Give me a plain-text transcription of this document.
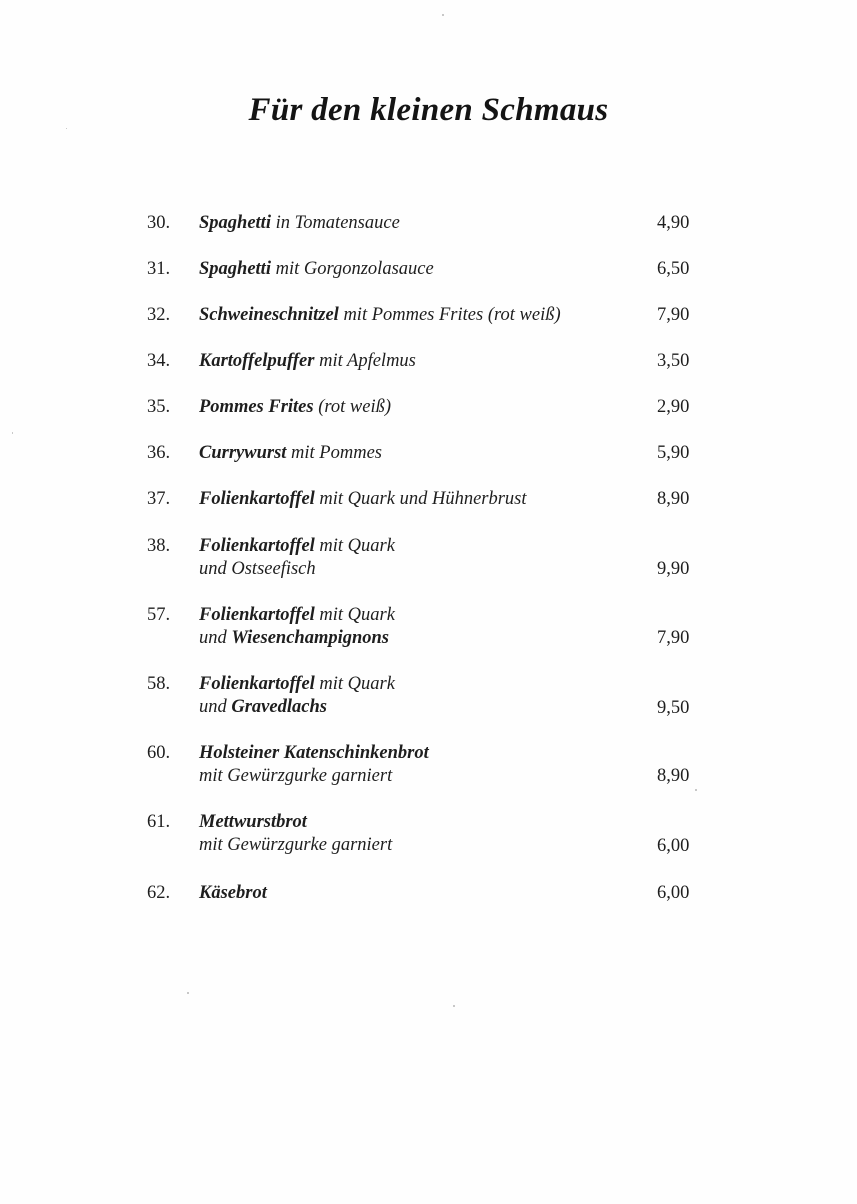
Für den kleinen Schmaus
30. Spaghetti in Tomatensauce	4,90
31. Spaghetti mit Gorgonzolasauce	6,50
32. Schweineschnitzel mit Pommes Frites (rot weiß)	7,90
34. Kartoffelpuffer mit Apfelmus	3,50
35. Pommes Frites (rot weiß)	2,90
36. Currywurst mit Pommes	5,90
37. Folienkartoffel mit Quark und Hühnerbrust	8,90
38. Folienkartoffel mit Quark
und Ostseefisch	9,90
57. Folienkartoffel mit Quark
und Wiesenchampignons	7,90
58. Folienkartoffel mit Quark
und Gravedlachs	9,50
60. Holsteiner Katenschinkenbrot
mit Gewürzgurke garniert	8,90
61. Mettwurstbrot
mit Gewürzgurke garniert	6,00
62. Käsebrot	6,00
